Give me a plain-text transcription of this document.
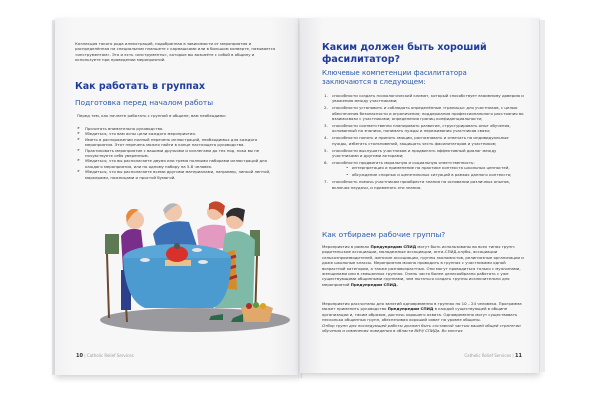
Коллекция такого рода иллюстраций, подобранная в зависимости от мероприятия и распределённая на специальном планшете с кармашками или в большом конверте, называется «инструментом». Это и есть «инструменты», которые вы возьмёте с собой в общину и используете при проведении мероприятий.
Как работать в группах
Подготовка перед началом работы
Перед тем, как начнете работать с группой в общине, вам необходимо:
➤ Прочитать внимательно руководство.
➤ Убедиться, что вам ясны цели каждого мероприятия.
➤ Иметь в распоряжении полный перечень иллюстраций, необходимых для каждого мероприятия. Этот перечень можно найти в конце настоящего руководства.
➤ Практиковать мероприятие с вашими друзьями и коллегами до тех пор, пока вы не почувствуете себя уверенным.
➤ Убедиться, что вы располагаете двумя или тремя полными наборами иллюстраций для каждого мероприятия, или по одному набору на 5-8 человек.
➤ Убедиться, что вы располагаете всеми другими материалами, например, липкой лентой, маркерами, ножницами и простой бумагой.
10 | Catholic Relief Services
Каким должен быть хороший фасилитатор?
Ключевые компетенции фасилитатора заключаются в следующем:
1. способности создать психологический климат, который способствует взаимному доверию и уважению между участниками;
2. способности установить и соблюдать определённые «границы» для участников, с целью обеспечения безопасности и ограничения; поддержания профессионального расстояния во взаимосвязи с участниками; определения границ конфиденциальности;
3. способности соответственно планировать развитие, структурировать опыт обучения, основанный на знаниях, понимать нужды и переживания участников связи;
4. способности понять и принять эмоции, распознавать и отвечать на индивидуальные нужды, избегать столкновений, защищать честь фасилитаторов и участников;
5. способности выслушать участников и продвигать эффективный диалог между участниками и другими акторами;
6. способности продвигать моральную и социальную ответственность:
• интерпретация и применение на практике контекста школьных ценностей,
• обсуждение спорных и щепетильных ситуаций в рамках данного контекста;
7. способность помочь участникам приобрести знания на основании различных опытов, включая неудачи, и применять эти знания.
Как отбираем рабочие группы?
Мероприятия в рамках Предупредим СПИД могут быть использованы во всех типах групп: родительские ассоциации, молодежные ассоциации, анти-СПИД-клубы, ассоциации сельхозпроизводителей, женские ассоциации, группы экономистов, религиозные организации и даже школьные классы. Мероприятия можно проводить в группах с участниками одной возрастной категории, а также разновозрастных. Они могут проводиться только с мужчинами, женщинами или в смешанных группах. Очень часто более целесообразно работать с уже существующими общинными группами, чем пытаться создать группы исключительно для мероприятий Предупредим СПИД.
Мероприятия рассчитаны для занятий одновременно в группах по 10 – 24 человека. Программа может применить руководство Предупредим СПИД в каждой существующей в общине организации и, таким образом, достичь хорошего охвата. Одновременно могут существовать несколько общинных групп, обеспечивая хороший охват на уровне общины.
Отбор групп для последующей работы должен быть составной частью вашей общей стратегии обучения и изменения поведения в области ВИЧ/ СПИДа. Во многих
Catholic Relief Services | 11
